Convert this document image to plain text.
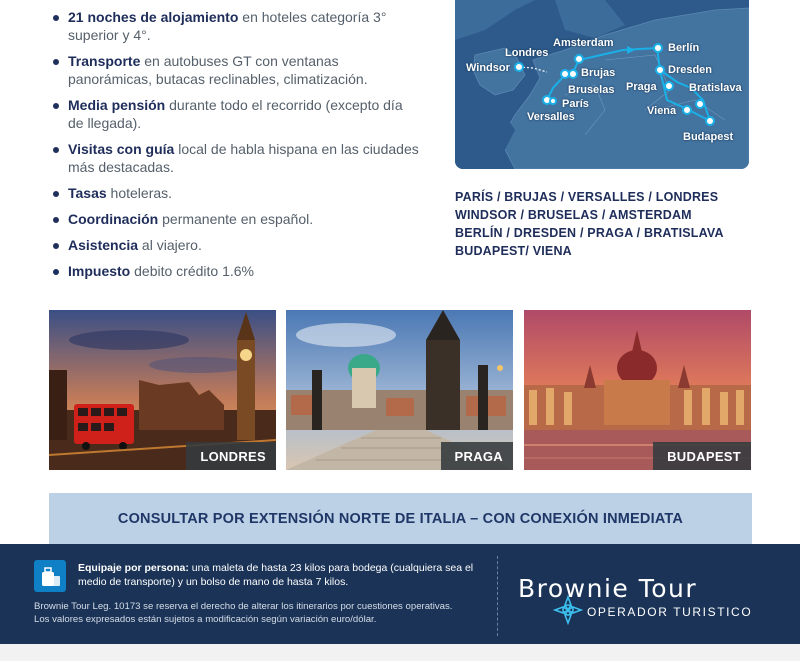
21 noches de alojamiento en hoteles categoría 3° superior y 4°.
Transporte en autobuses GT con ventanas panorámicas, butacas reclinables, climatización.
Media pensión durante todo el recorrido (excepto día de llegada).
Visitas con guía local de habla hispana en las ciudades más destacadas.
Tasas hoteleras.
Coordinación permanente en español.
Asistencia al viajero.
Impuesto debito crédito 1.6%
Londres
Windsor
Amsterdam
Brujas
Bruselas
París
Versalles
Berlín
Dresden
Praga	Bratislava
Viena
Budapest
PARÍS / BRUJAS / VERSALLES / LONDRES
WINDSOR / BRUSELAS / AMSTERDAM
BERLÍN / DRESDEN / PRAGA / BRATISLAVA
BUDAPEST/ VIENA
LONDRES	PRAGA	BUDAPEST
CONSULTAR POR EXTENSIÓN NORTE DE ITALIA – CON CONEXIÓN INMEDIATA
Equipaje por persona: una maleta de hasta 23 kilos para bodega (cualquiera sea el medio de transporte) y un bolso de mano de hasta 7 kilos.
Brownie Tour Leg. 10173 se reserva el derecho de alterar los itinerarios por cuestiones operativas.
Los valores expresados están sujetos a modificación según variación euro/dólar.
Brownie Tour
OPERADOR TURISTICO
